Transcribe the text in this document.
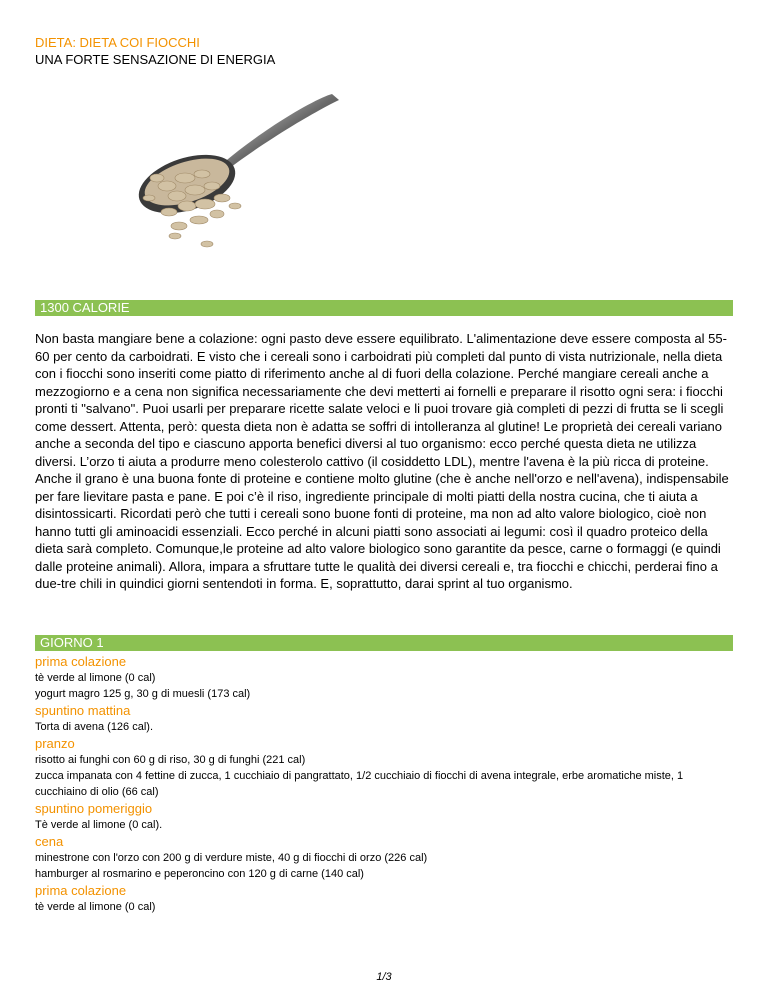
DIETA: DIETA COI FIOCCHI
UNA FORTE SENSAZIONE DI ENERGIA
1300 CALORIE
Non basta mangiare bene a colazione: ogni pasto deve essere equilibrato. L'alimentazione deve essere composta al 55-60 per cento da carboidrati. E visto che i cereali sono i carboidrati più completi dal punto di vista nutrizionale, nella dieta con i fiocchi sono inseriti come piatto di riferimento anche al di fuori della colazione. Perché mangiare cereali anche a mezzogiorno e a cena non significa necessariamente che devi metterti ai fornelli e preparare il risotto ogni sera: i fiocchi pronti ti "salvano". Puoi usarli per preparare ricette salate veloci e li puoi trovare già completi di pezzi di frutta se li scegli come dessert. Attenta, però: questa dieta non è adatta se soffri di intolleranza al glutine! Le proprietà dei cereali variano anche a seconda del tipo e ciascuno apporta benefici diversi al tuo organismo: ecco perché questa dieta ne utilizza diversi. L’orzo ti aiuta a produrre meno colesterolo cattivo (il cosiddetto LDL), mentre l'avena è la più ricca di proteine. Anche il grano è una buona fonte di proteine e contiene molto glutine (che è anche nell'orzo e nell'avena), indispensabile per fare lievitare pasta e pane. E poi c’è il riso, ingrediente principale di molti piatti della nostra cucina, che ti aiuta a disintossicarti. Ricordati però che tutti i cereali sono buone fonti di proteine, ma non ad alto valore biologico, cioè non hanno tutti gli aminoacidi essenziali. Ecco perché in alcuni piatti sono associati ai legumi: così il quadro proteico della dieta sarà completo. Comunque,le proteine ad alto valore biologico sono garantite da pesce, carne o formaggi (e quindi dalle proteine animali). Allora, impara a sfruttare tutte le qualità dei diversi cereali e, tra fiocchi e chicchi, perderai fino a due-tre chili in quindici giorni sentendoti in forma. E, soprattutto, darai sprint al tuo organismo.
GIORNO 1
prima colazione
tè verde al limone (0 cal)
yogurt magro 125 g, 30 g di muesli (173 cal)
spuntino mattina
Torta di avena (126 cal).
pranzo
risotto ai funghi con 60 g di riso, 30 g di funghi (221 cal)
zucca impanata con 4 fettine di zucca, 1 cucchiaio di pangrattato, 1/2 cucchiaio di fiocchi di avena integrale, erbe aromatiche miste, 1 cucchiaino di olio (66 cal)
spuntino pomeriggio
Tè verde al limone (0 cal).
cena
minestrone con l'orzo con 200 g di verdure miste, 40 g di fiocchi di orzo (226 cal)
hamburger al rosmarino e peperoncino con 120 g di carne (140 cal)
prima colazione
tè verde al limone (0 cal)
1/3
